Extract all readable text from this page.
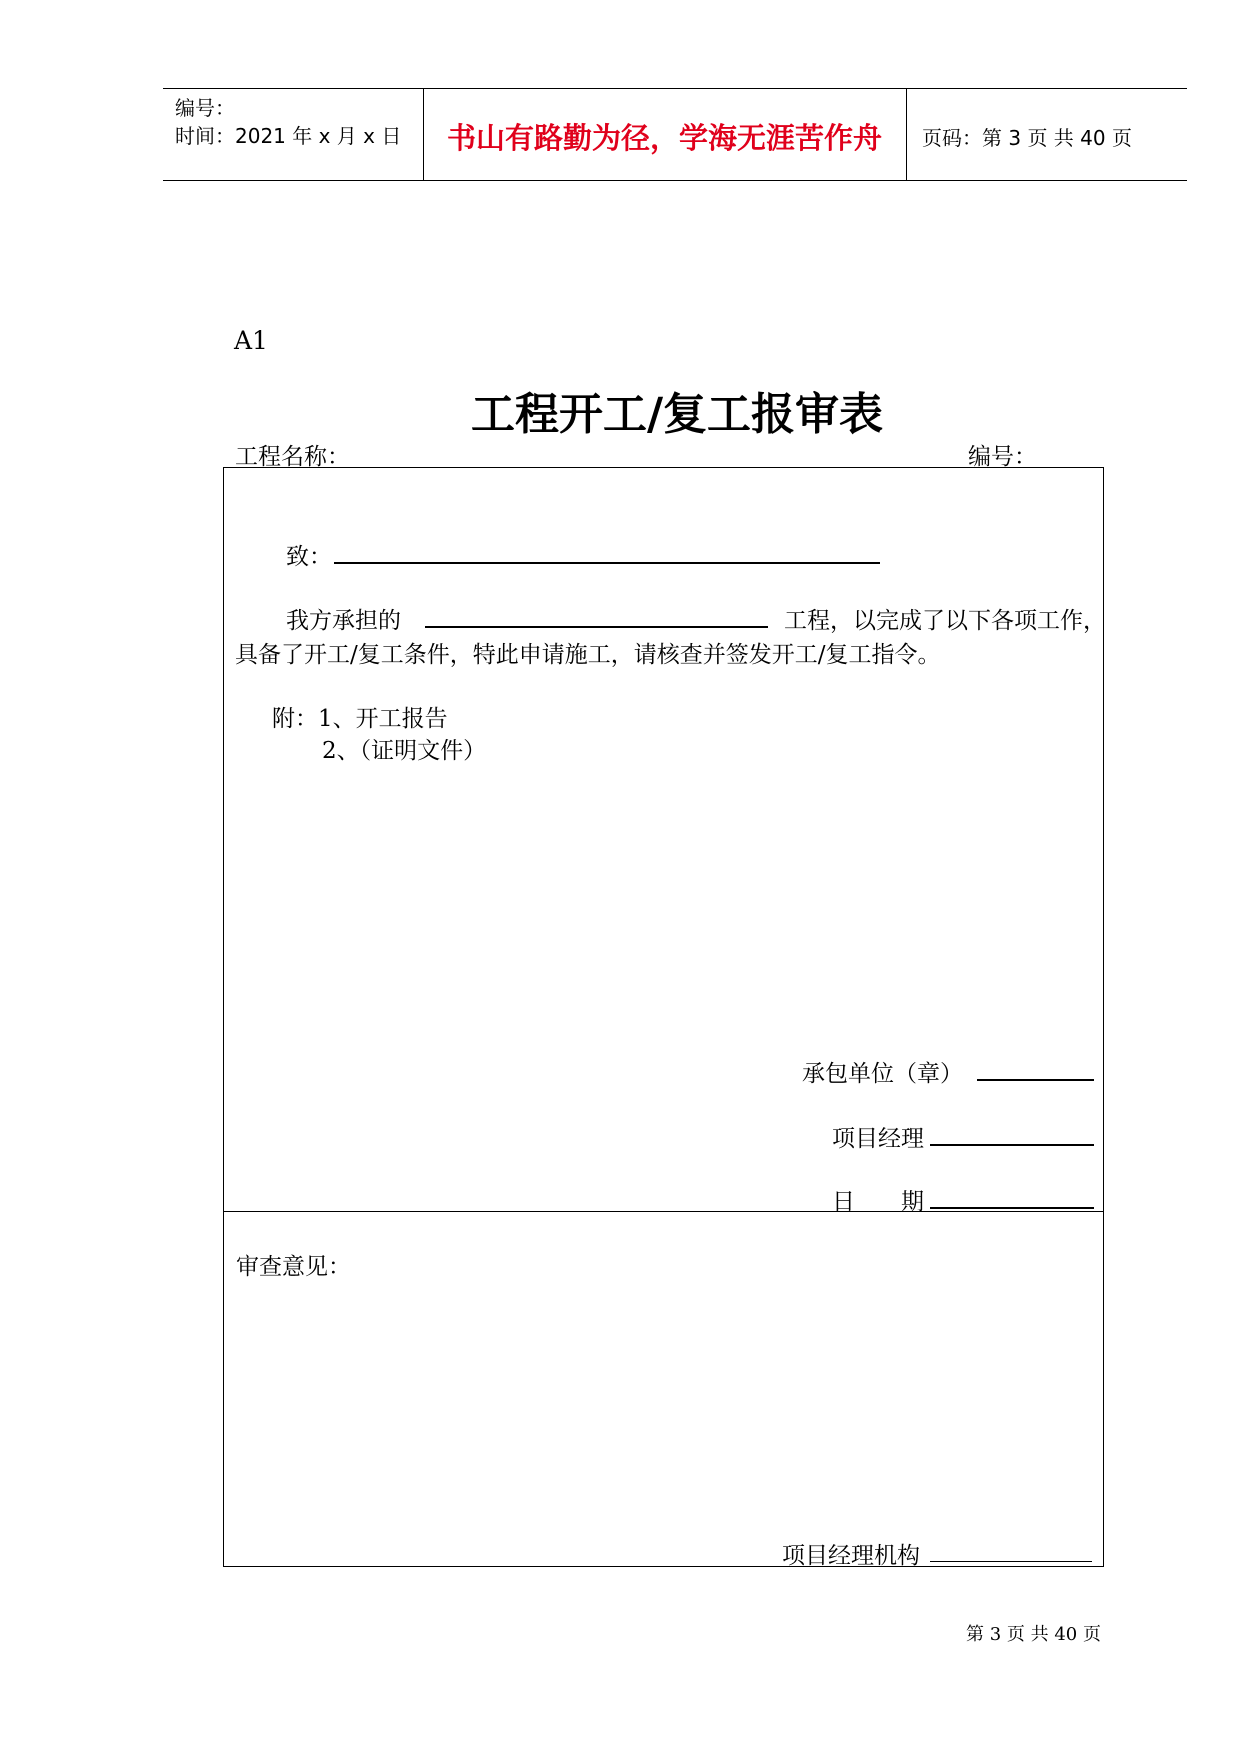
编号：
时间：2021 年 x 月 x 日	书山有路勤为径，学海无涯苦作舟	页码：第 3 页 共 40 页
A1
工程开工/复工报审表
工程名称：	编号：
致：
我方承担的	工程，以完成了以下各项工作，
具备了开工/复工条件，特此申请施工，请核查并签发开工/复工指令。
附：1、开工报告
2、（证明文件）
承包单位（章）
项目经理
日　　期
审查意见：
项目经理机构
第 3 页 共 40 页
